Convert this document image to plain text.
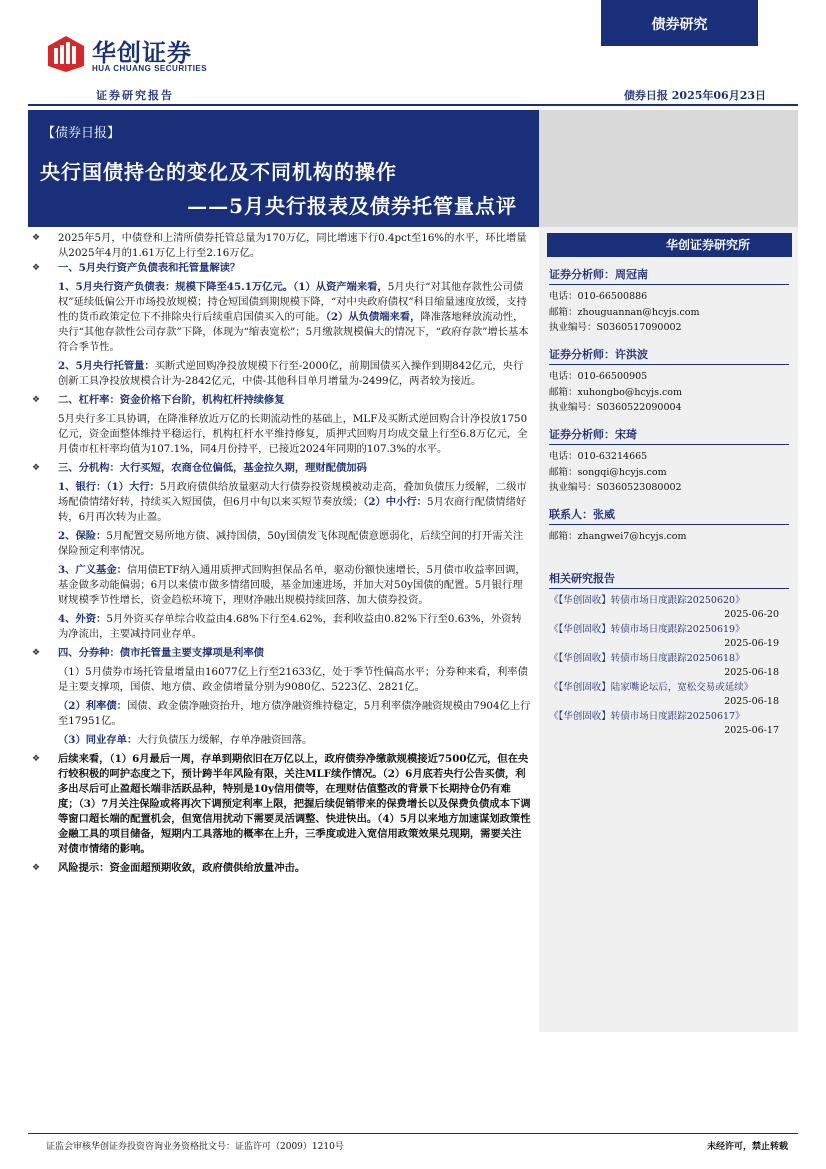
债券研究
华创证券
HUA CHUANG SECURITIES
证券研究报告	债券日报 2025年06月23日
【债券日报】
央行国债持仓的变化及不同机构的操作
——5月央行报表及债券托管量点评

❖ 2025年5月，中债登和上清所债券托管总量为170万亿，同比增速下行0.4pct至16%的水平，环比增量从2025年4月的1.61万亿上行至2.16万亿。

❖ 一、5月央行资产负债表和托管量解读？

1、5月央行资产负债表：规模下降至45.1万亿元。（1）从资产端来看，5月央行“对其他存款性公司债权”延续低偏公开市场投放规模；持仓短国债到期规模下降，“对中央政府债权”科目缩量速度放缓，支持性的货币政策定位下不排除央行后续重启国债买入的可能。（2）从负债端来看，降准落地释放流动性，央行“其他存款性公司存款”下降，体现为“缩表宽松”；5月缴款规模偏大的情况下，“政府存款”增长基本符合季节性。

2、5月央行托管量：买断式逆回购净投放规模下行至-2000亿，前期国债买入操作到期842亿元，央行创新工具净投放规模合计为-2842亿元，中债-其他科目单月增量为-2499亿，两者较为接近。

❖ 二、杠杆率：资金价格下台阶，机构杠杆持续修复

5月央行多工具协调，在降准释放近万亿的长期流动性的基础上，MLF及买断式逆回购合计净投放1750亿元，资金面整体维持平稳运行，机构杠杆水平维持修复，质押式回购月均成交量上行至6.8万亿元，全月债市杠杆率均值为107.1%，同4月份持平，已接近2024年同期的107.3%的水平。

❖ 三、分机构：大行买短，农商仓位偏低，基金拉久期，理财配债加码

1、银行：（1）大行：5月政府债供给放量驱动大行债券投资规模被动走高，叠加负债压力缓解，二级市场配债情绪好转，持续买入短国债，但6月中旬以来买短节奏放缓；（2）中小行：5月农商行配债情绪好转，6月再次转为止盈。

2、保险：5月配置交易所地方债、减持国债，50y国债发飞体现配债意愿弱化，后续空间的打开需关注保险预定利率情况。

3、广义基金：信用债ETF纳入通用质押式回购担保品名单，驱动份额快速增长，5月债市收益率回调，基金做多动能偏弱；6月以来债市做多情绪回暖，基金加速进场，并加大对50y国债的配置。5月银行理财规模季节性增长，资金趋松环境下，理财净融出规模持续回落、加大债券投资。

4、外资：5月外资买存单综合收益由4.68%下行至4.62%，套利收益由0.82%下行至0.63%，外资转为净流出，主要减持同业存单。

❖ 四、分券种：债市托管量主要支撑项是利率债

（1）5月债券市场托管量增量由16077亿上行至21633亿，处于季节性偏高水平；分券种来看，利率债是主要支撑项，国债、地方债、政金债增量分别为9080亿、5223亿、2821亿。

（2）利率债：国债、政金债净融资抬升，地方债净融资维持稳定，5月利率债净融资规模由7904亿上行至17951亿。

（3）同业存单：大行负债压力缓解，存单净融资回落。

❖ 后续来看，（1）6月最后一周，存单到期依旧在万亿以上，政府债券净缴款规模接近7500亿元，但在央行较积极的呵护态度之下，预计跨半年风险有限，关注MLF续作情况。（2）6月底若央行公告买债，利多出尽后可止盈超长端非活跃品种，特别是10y信用债等，在理财估值整改的背景下长期持仓仍有难度；（3）7月关注保险或将再次下调预定利率上限，把握后续促销带来的保费增长以及保费负债成本下调等窗口超长端的配置机会，但宽信用扰动下需要灵活调整、快进快出。（4）5月以来地方加速谋划政策性金融工具的项目储备，短期内工具落地的概率在上升，三季度或进入宽信用政策效果兑现期，需要关注对债市情绪的影响。

❖ 风险提示：资金面超预期收敛，政府债供给放量冲击。

华创证券研究所
证券分析师：周冠南
电话：010-66500886
邮箱：zhouguannan@hcyjs.com
执业编号：S0360517090002
证券分析师：许洪波
电话：010-66500905
邮箱：xuhongbo@hcyjs.com
执业编号：S0360522090004
证券分析师：宋琦
电话：010-63214665
邮箱：songqi@hcyjs.com
执业编号：S0360523080002
联系人：张威
邮箱：zhangwei7@hcyjs.com
相关研究报告
《【华创固收】转债市场日度跟踪20250620》
2025-06-20
《【华创固收】转债市场日度跟踪20250619》
2025-06-19
《【华创固收】转债市场日度跟踪20250618》
2025-06-18
《【华创固收】陆家嘴论坛后，宽松交易或延续》
2025-06-18
《【华创固收】转债市场日度跟踪20250617》
2025-06-17
证监会审核华创证券投资咨询业务资格批文号：证监许可（2009）1210号	未经许可，禁止转载
